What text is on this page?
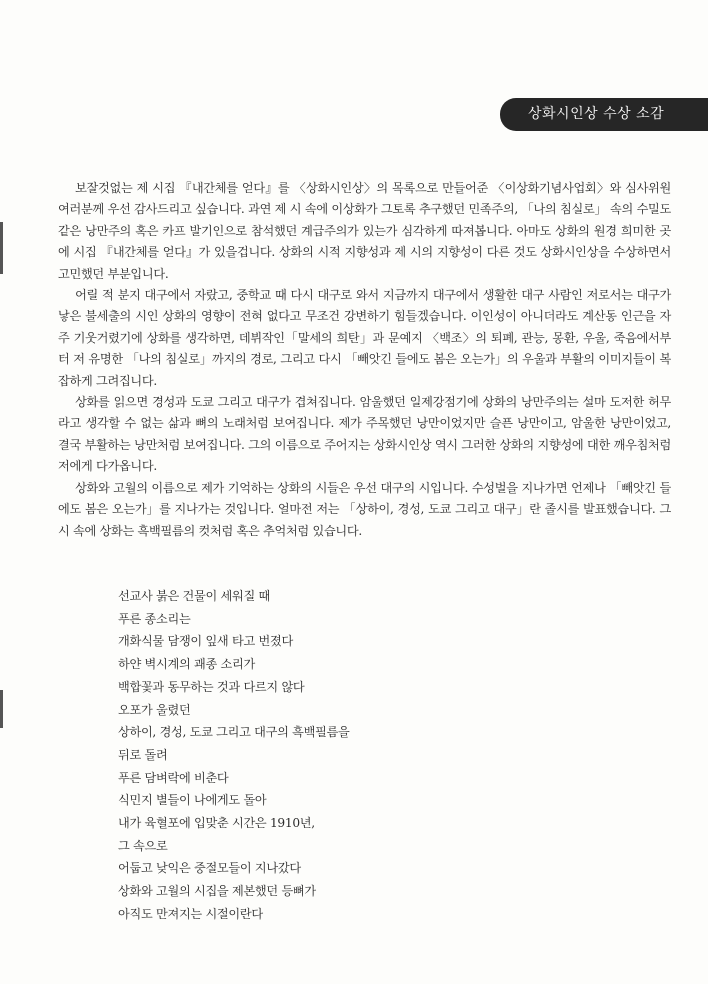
상화시인상 수상 소감

보잘것없는 제 시집 『내간체를 얻다』를 〈상화시인상〉의 목록으로 만들어준 〈이상화기념사업회〉와 심사위원 여러분께 우선 감사드리고 싶습니다. 과연 제 시 속에 이상화가 그토록 추구했던 민족주의, 「나의 침실로」 속의 수밀도 같은 낭만주의 혹은 카프 발기인으로 참석했던 계급주의가 있는가 심각하게 따져봅니다. 아마도 상화의 원경 희미한 곳에 시집 『내간체를 얻다』가 있을겁니다. 상화의 시적 지향성과 제 시의 지향성이 다른 것도 상화시인상을 수상하면서 고민했던 부분입니다.

어릴 적 분지 대구에서 자랐고, 중학교 때 다시 대구로 와서 지금까지 대구에서 생활한 대구 사람인 저로서는 대구가 낳은 불세출의 시인 상화의 영향이 전혀 없다고 무조건 강변하기 힘들겠습니다. 이인성이 아니더라도 계산동 인근을 자주 기웃거렸기에 상화를 생각하면, 데뷔작인「말세의 희탄」과 문예지 〈백조〉의 퇴폐, 관능, 몽환, 우울, 죽음에서부터 저 유명한 「나의 침실로」까지의 경로, 그리고 다시 「빼앗긴 들에도 봄은 오는가」의 우울과 부활의 이미지들이 복잡하게 그려집니다.

상화를 읽으면 경성과 도쿄 그리고 대구가 겹쳐집니다. 암울했던 일제강점기에 상화의 낭만주의는 설마 도저한 허무라고 생각할 수 없는 삶과 뼈의 노래처럼 보여집니다. 제가 주목했던 낭만이었지만 슬픈 낭만이고, 암울한 낭만이었고, 결국 부활하는 낭만처럼 보여집니다. 그의 이름으로 주어지는 상화시인상 역시 그러한 상화의 지향성에 대한 깨우침처럼 저에게 다가옵니다.

상화와 고월의 이름으로 제가 기억하는 상화의 시들은 우선 대구의 시입니다. 수성벌을 지나가면 언제나 「빼앗긴 들에도 봄은 오는가」를 지나가는 것입니다. 얼마전 저는 「상하이, 경성, 도쿄 그리고 대구」란 졸시를 발표했습니다. 그 시 속에 상화는 흑백필름의 컷처럼 혹은 추억처럼 있습니다.

선교사 붉은 건물이 세워질 때
푸른 종소리는
개화식물 담쟁이 잎새 타고 번졌다
하얀 벽시계의 괘종 소리가
백합꽃과 동무하는 것과 다르지 않다
오포가 울렸던
상하이, 경성, 도쿄 그리고 대구의 흑백필름을
뒤로 돌려
푸른 담벼락에 비춘다
식민지 별들이 나에게도 돌아
내가 육혈포에 입맞춘 시간은 1910년,
그 속으로
어둡고 낮익은 중절모들이 지나갔다
상화와 고월의 시집을 제본했던 등뼈가
아직도 만져지는 시절이란다
